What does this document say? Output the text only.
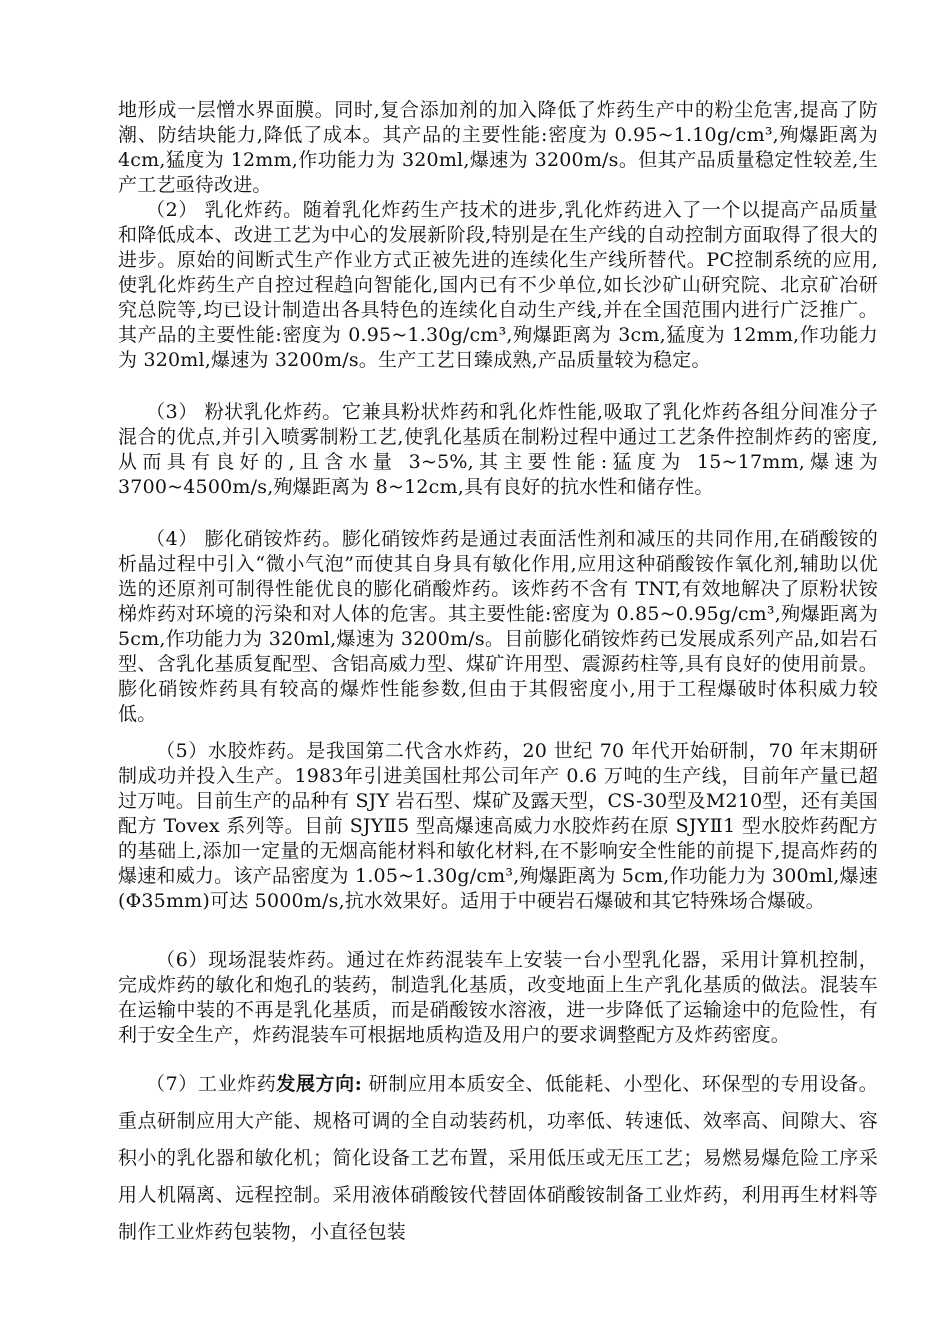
地形成一层憎水界面膜。同时,复合添加剂的加入降低了炸药生产中的粉尘危害,提高了防潮、防结块能力,降低了成本。其产品的主要性能:密度为 0.95~1.10g/cm³,殉爆距离为 4cm,猛度为 12mm,作功能力为 320ml,爆速为 3200m/s。但其产品质量稳定性较差,生产工艺亟待改进。

（2） 乳化炸药。随着乳化炸药生产技术的进步,乳化炸药进入了一个以提高产品质量和降低成本、改进工艺为中心的发展新阶段,特别是在生产线的自动控制方面取得了很大的进步。原始的间断式生产作业方式正被先进的连续化生产线所替代。PC控制系统的应用,使乳化炸药生产自控过程趋向智能化,国内已有不少单位,如长沙矿山研究院、北京矿冶研究总院等,均已设计制造出各具特色的连续化自动生产线,并在全国范围内进行广泛推广。其产品的主要性能:密度为 0.95~1.30g/cm³,殉爆距离为 3cm,猛度为 12mm,作功能力为 320ml,爆速为 3200m/s。生产工艺日臻成熟,产品质量较为稳定。

（3） 粉状乳化炸药。它兼具粉状炸药和乳化炸性能,吸取了乳化炸药各组分间准分子混合的优点,并引入喷雾制粉工艺,使乳化基质在制粉过程中通过工艺条件控制炸药的密度,从而具有良好的,且含水量 3~5%,其主要性能:猛度为 15~17mm,爆速为 3700~4500m/s,殉爆距离为 8~12cm,具有良好的抗水性和储存性。

（4） 膨化硝铵炸药。膨化硝铵炸药是通过表面活性剂和减压的共同作用,在硝酸铵的析晶过程中引入“微小气泡”而使其自身具有敏化作用,应用这种硝酸铵作氧化剂,辅助以优选的还原剂可制得性能优良的膨化硝酸炸药。该炸药不含有 TNT,有效地解决了原粉状铵梯炸药对环境的污染和对人体的危害。其主要性能:密度为 0.85~0.95g/cm³,殉爆距离为 5cm,作功能力为 320ml,爆速为 3200m/s。目前膨化硝铵炸药已发展成系列产品,如岩石型、含乳化基质复配型、含铝高威力型、煤矿许用型、震源药柱等,具有良好的使用前景。膨化硝铵炸药具有较高的爆炸性能参数,但由于其假密度小,用于工程爆破时体积威力较低。

（5）水胶炸药。是我国第二代含水炸药，20 世纪 70 年代开始研制，70 年末期研制成功并投入生产。1983年引进美国杜邦公司年产 0.6 万吨的生产线，目前年产量已超过万吨。目前生产的品种有 SJY 岩石型、煤矿及露天型，CS-30型及M210型，还有美国配方 Tovex 系列等。目前 SJYⅡ5 型高爆速高威力水胶炸药在原 SJYⅡ1 型水胶炸药配方的基础上,添加一定量的无烟高能材料和敏化材料,在不影响安全性能的前提下,提高炸药的爆速和威力。该产品密度为 1.05~1.30g/cm³,殉爆距离为 5cm,作功能力为 300ml,爆速(Φ35mm)可达 5000m/s,抗水效果好。适用于中硬岩石爆破和其它特殊场合爆破。

（6）现场混装炸药。通过在炸药混装车上安装一台小型乳化器，采用计算机控制，完成炸药的敏化和炮孔的装药，制造乳化基质，改变地面上生产乳化基质的做法。混装车在运输中装的不再是乳化基质，而是硝酸铵水溶液，进一步降低了运输途中的危险性，有利于安全生产，炸药混装车可根据地质构造及用户的要求调整配方及炸药密度。

（7）工业炸药发展方向: 研制应用本质安全、低能耗、小型化、环保型的专用设备。重点研制应用大产能、规格可调的全自动装药机，功率低、转速低、效率高、间隙大、容积小的乳化器和敏化机；简化设备工艺布置，采用低压或无压工艺；易燃易爆危险工序采用人机隔离、远程控制。采用液体硝酸铵代替固体硝酸铵制备工业炸药，利用再生材料等制作工业炸药包装物，小直径包装
